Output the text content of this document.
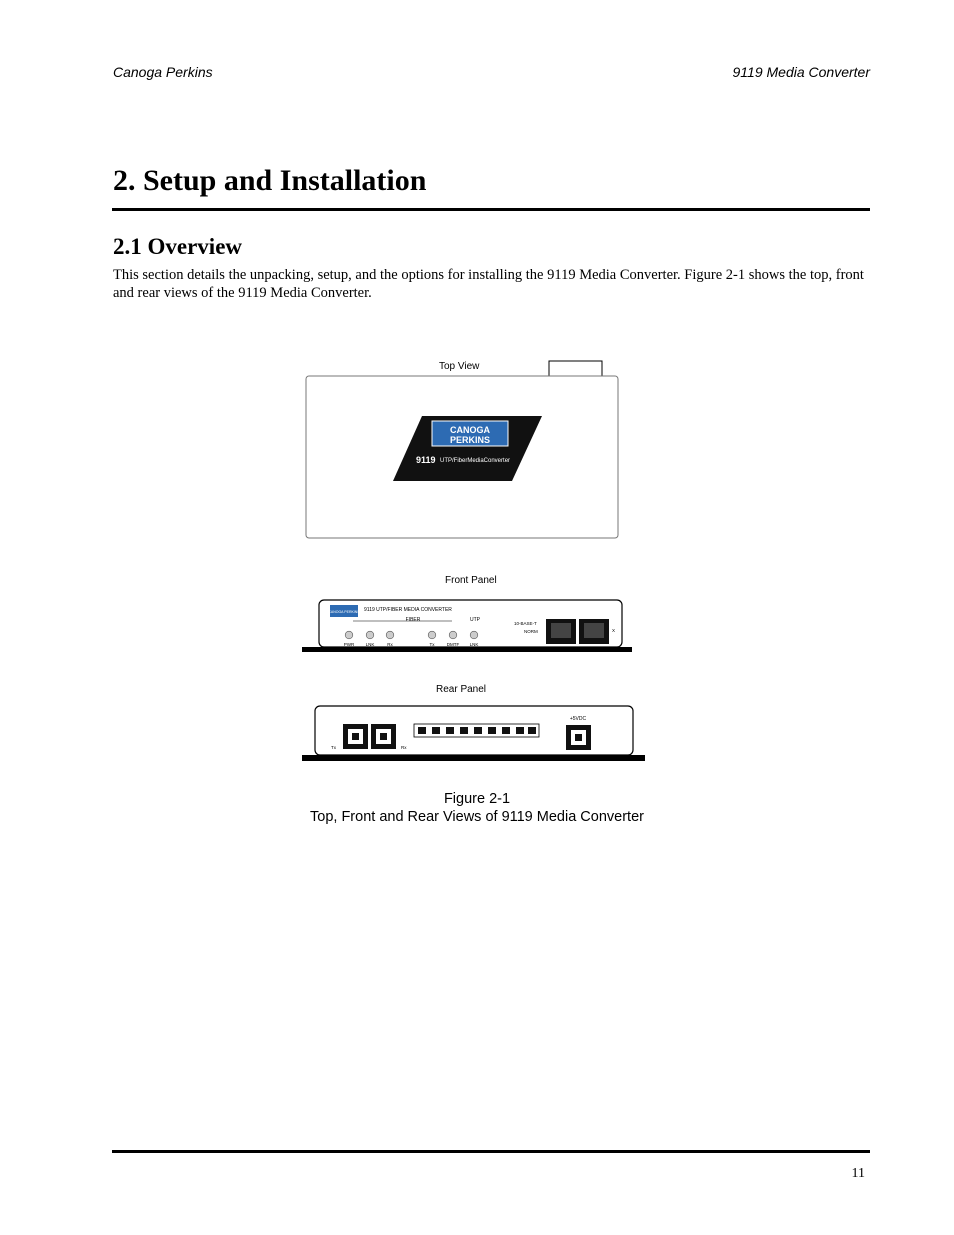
Canoga Perkins	9119 Media Converter
2. Setup and Installation
2.1 Overview

This section details the unpacking, setup, and the options for installing the 9119 Media Converter. Figure 2-1 shows the top, front and rear views of the 9119 Media Converter.

Top View
CANOGA
PERKINS
9119 UTP/FiberMediaConverter
Front Panel
CANOGA PERKINS 9119 UTP/FIBER MEDIA CONVERTER
FIBER	UTP
PWR	LNK	Rx	Tx	DMTF LNK
10-BASE-T
NORM	X
Rear Panel
Tx	Rx
+5VDC
Figure 2-1
Top, Front and Rear Views of 9119 Media Converter
11
